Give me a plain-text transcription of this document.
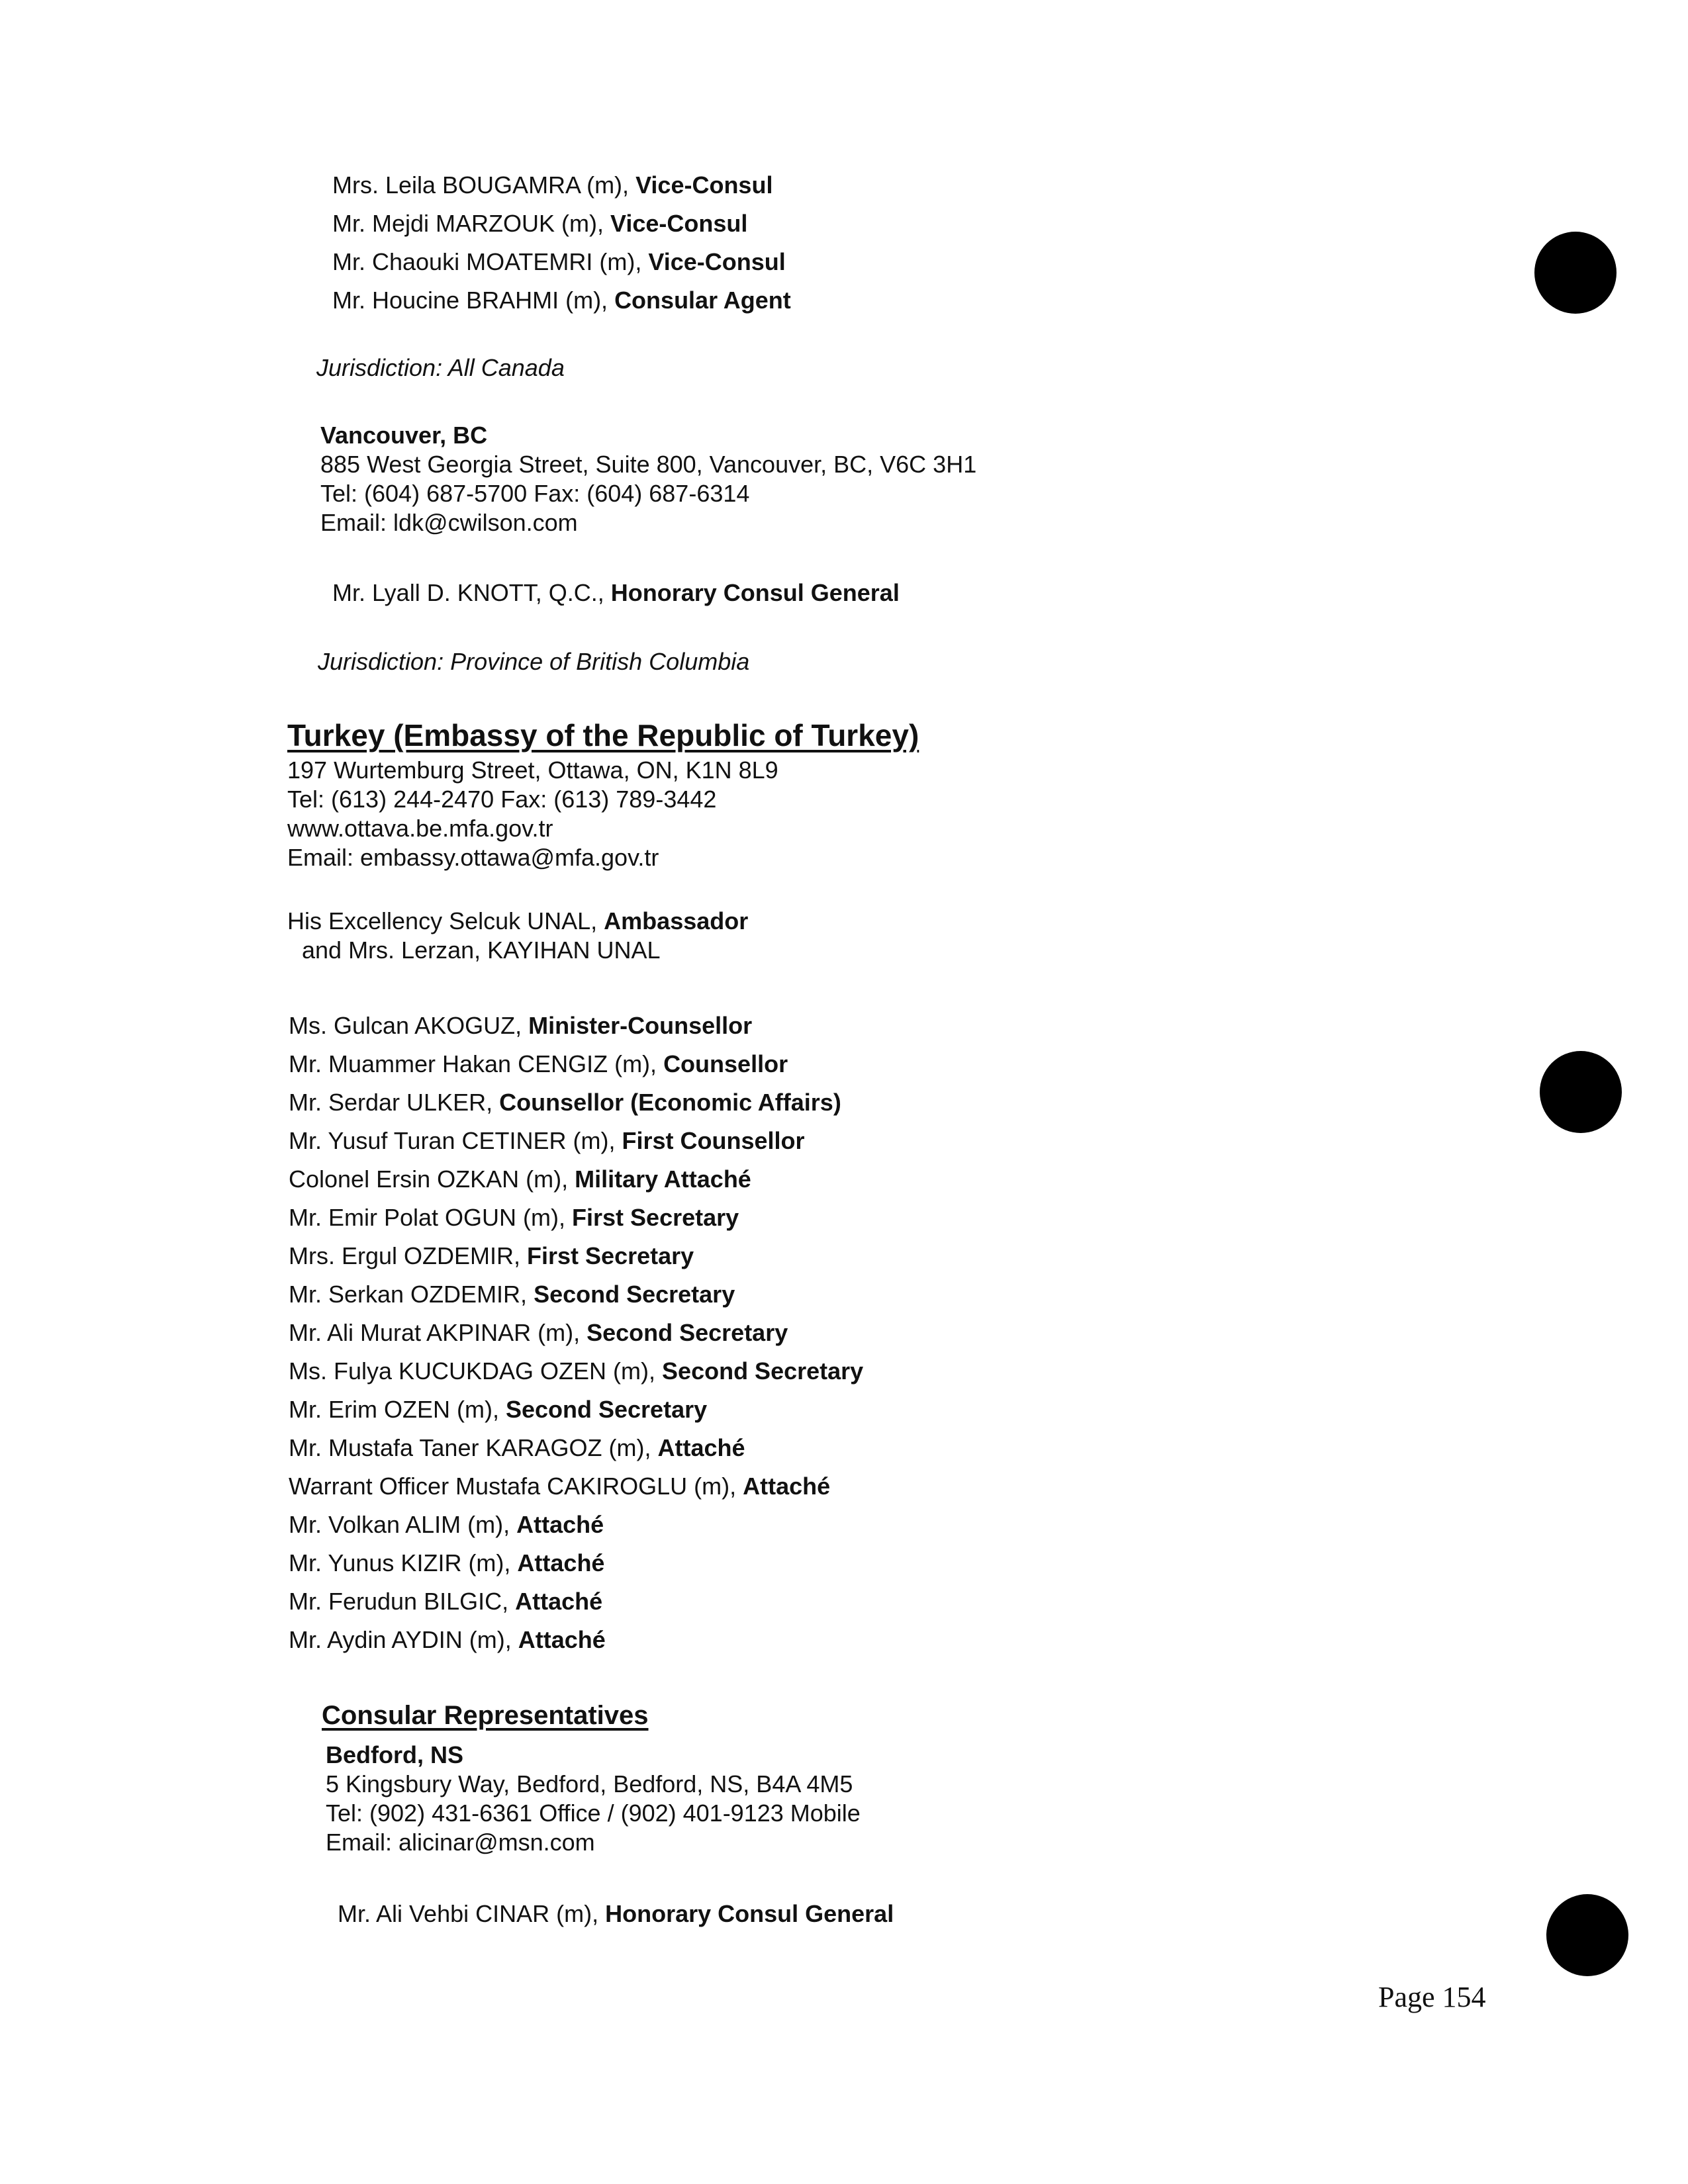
Mrs. Leila BOUGAMRA (m), Vice-Consul
Mr. Mejdi MARZOUK (m), Vice-Consul
Mr. Chaouki MOATEMRI (m), Vice-Consul
Mr. Houcine BRAHMI (m), Consular Agent
Jurisdiction: All Canada
Vancouver, BC
885 West Georgia Street, Suite 800, Vancouver, BC, V6C 3H1
Tel: (604) 687-5700 Fax: (604) 687-6314
Email: ldk@cwilson.com
Mr. Lyall D. KNOTT, Q.C., Honorary Consul General
Jurisdiction: Province of British Columbia
Turkey (Embassy of the Republic of Turkey)
197 Wurtemburg Street, Ottawa, ON, K1N 8L9
Tel: (613) 244-2470 Fax: (613) 789-3442
www.ottava.be.mfa.gov.tr
Email: embassy.ottawa@mfa.gov.tr
His Excellency Selcuk UNAL, Ambassador
and Mrs. Lerzan, KAYIHAN UNAL
Ms. Gulcan AKOGUZ, Minister-Counsellor
Mr. Muammer Hakan CENGIZ (m), Counsellor
Mr. Serdar ULKER, Counsellor (Economic Affairs)
Mr. Yusuf Turan CETINER (m), First Counsellor
Colonel Ersin OZKAN (m), Military Attaché
Mr. Emir Polat OGUN (m), First Secretary
Mrs. Ergul OZDEMIR, First Secretary
Mr. Serkan OZDEMIR, Second Secretary
Mr. Ali Murat AKPINAR (m), Second Secretary
Ms. Fulya KUCUKDAG OZEN (m), Second Secretary
Mr. Erim OZEN (m), Second Secretary
Mr. Mustafa Taner KARAGOZ (m), Attaché
Warrant Officer Mustafa CAKIROGLU (m), Attaché
Mr. Volkan ALIM (m), Attaché
Mr. Yunus KIZIR (m), Attaché
Mr. Ferudun BILGIC, Attaché
Mr. Aydin AYDIN (m), Attaché
Consular Representatives
Bedford, NS
5 Kingsbury Way, Bedford, Bedford, NS, B4A 4M5
Tel: (902) 431-6361 Office / (902) 401-9123 Mobile
Email: alicinar@msn.com
Mr. Ali Vehbi CINAR (m), Honorary Consul General
Page 154
